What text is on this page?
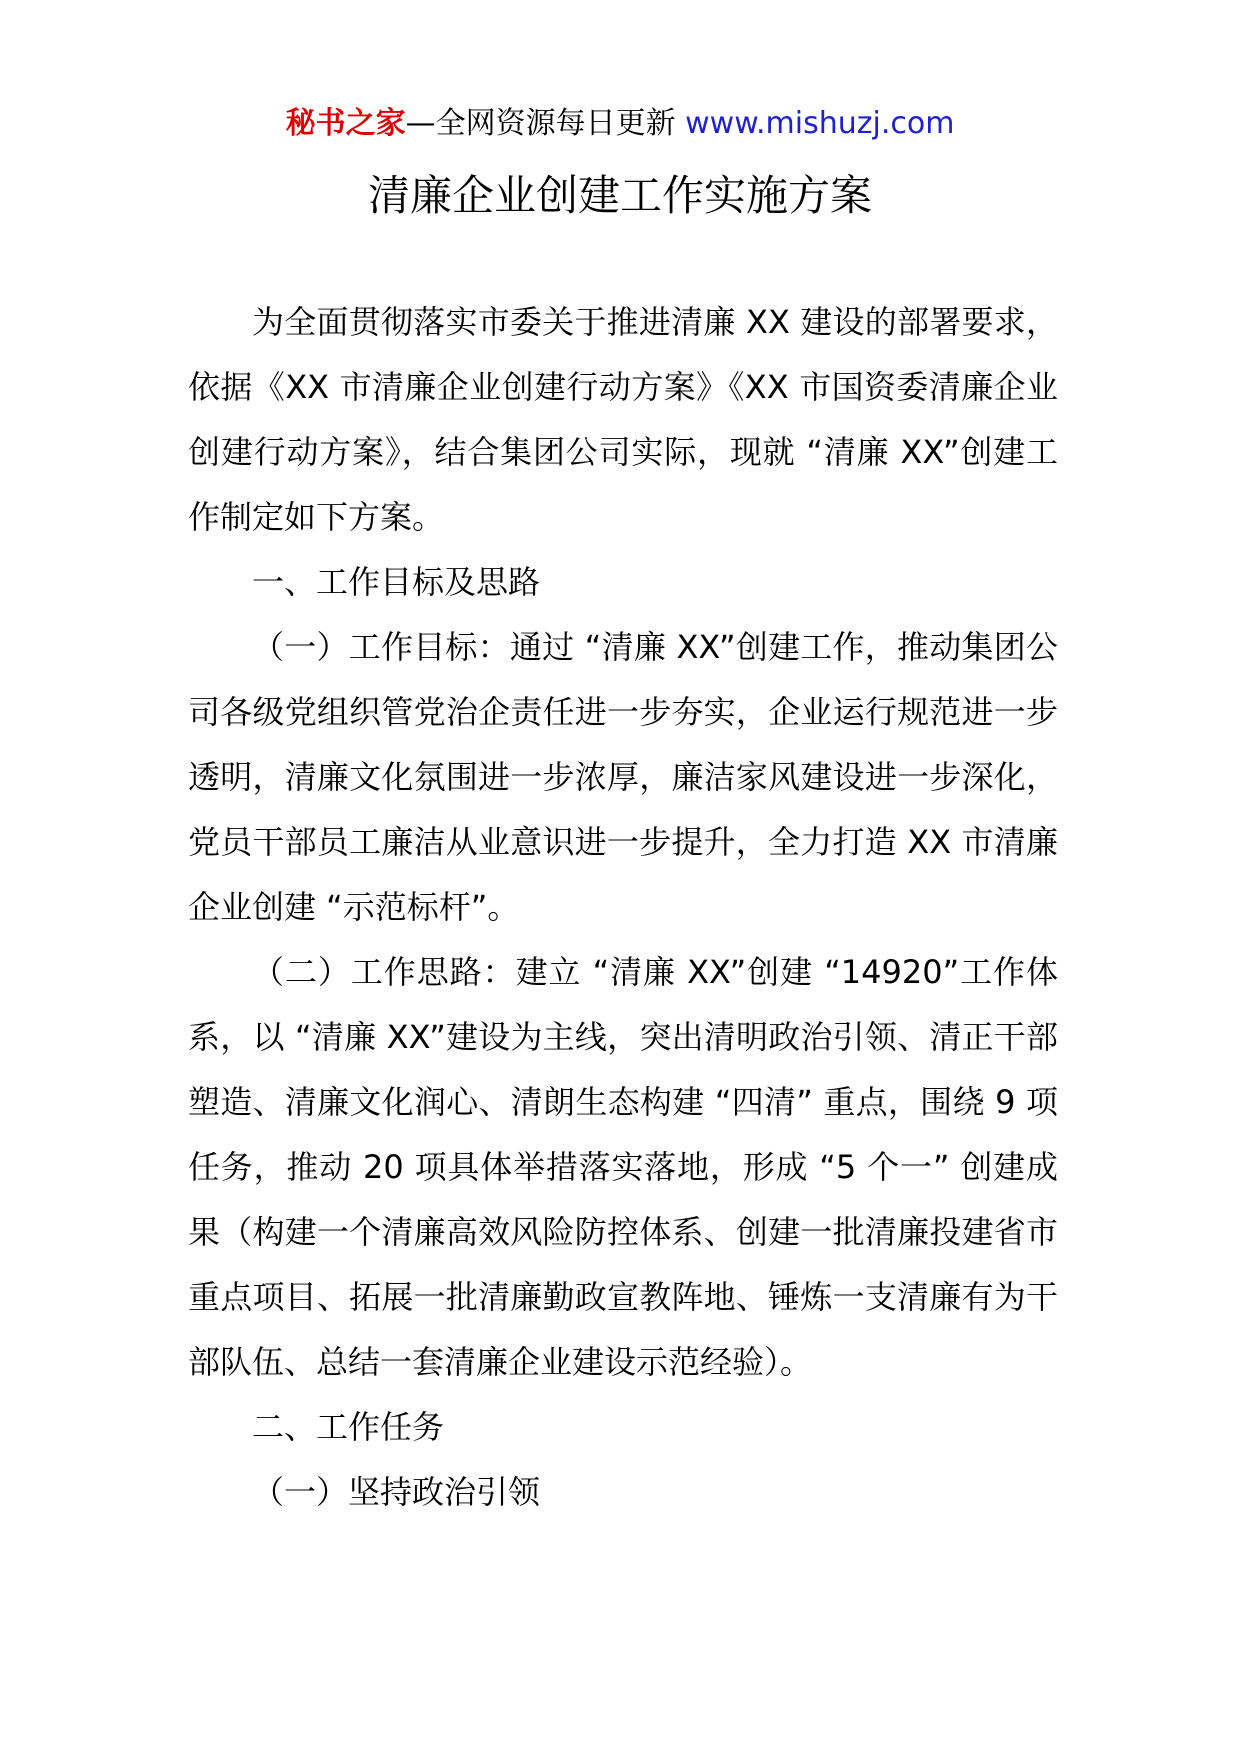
秘书之家—全网资源每日更新 www.mishuzj.com
清廉企业创建工作实施方案

为全面贯彻落实市委关于推进清廉 XX 建设的部署要求，依据《XX 市清廉企业创建行动方案》《XX 市国资委清廉企业创建行动方案》，结合集团公司实际，现就 “清廉 XX”创建工作制定如下方案。

一、工作目标及思路

（一）工作目标：通过 “清廉 XX”创建工作，推动集团公司各级党组织管党治企责任进一步夯实，企业运行规范进一步透明，清廉文化氛围进一步浓厚，廉洁家风建设进一步深化，党员干部员工廉洁从业意识进一步提升，全力打造 XX 市清廉企业创建 “示范标杆”。

（二）工作思路：建立 “清廉 XX”创建 “14920”工作体系，以 “清廉 XX”建设为主线，突出清明政治引领、清正干部塑造、清廉文化润心、清朗生态构建 “四清” 重点，围绕 9 项任务，推动 20 项具体举措落实落地，形成 “5 个一” 创建成果（构建一个清廉高效风险防控体系、创建一批清廉投建省市重点项目、拓展一批清廉勤政宣教阵地、锤炼一支清廉有为干部队伍、总结一套清廉企业建设示范经验）。

二、工作任务

（一）坚持政治引领
